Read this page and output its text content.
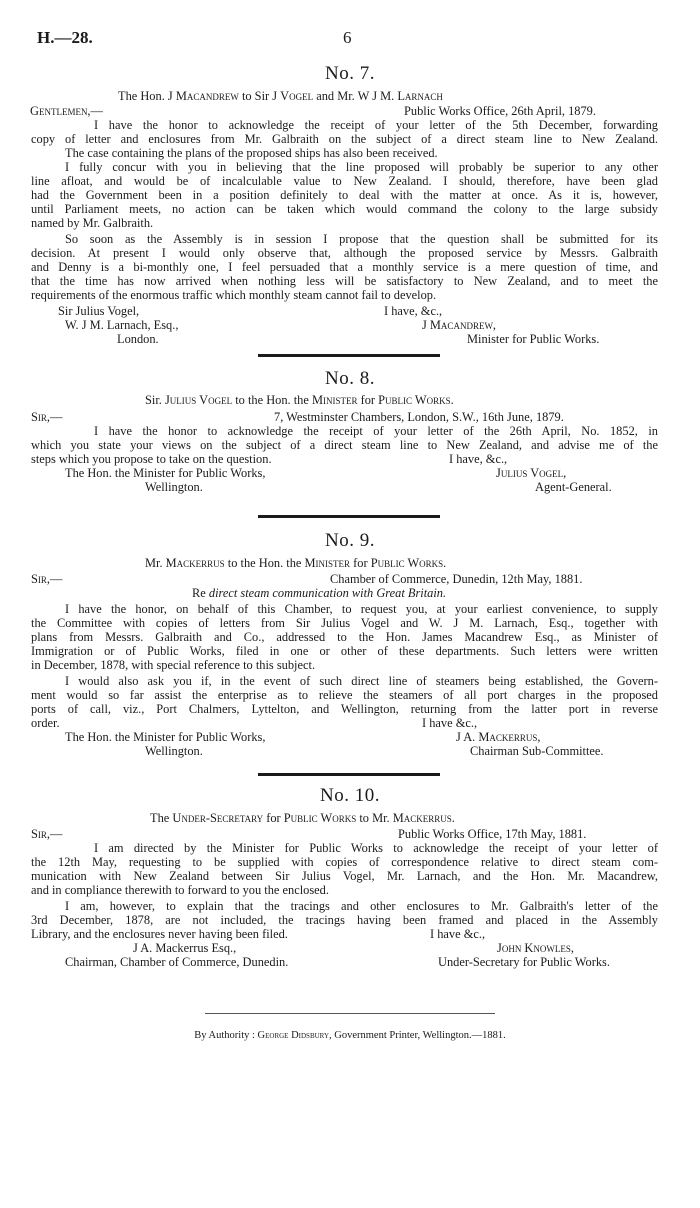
H.—28.	6
No. 7.
The Hon. J Macandrew to Sir J Vogel and Mr. W J M. Larnach
Gentlemen,—	Public Works Office, 26th April, 1879.
I have the honor to acknowledge the receipt of your letter of the 5th December, forwarding
copy of letter and enclosures from Mr. Galbraith on the subject of a direct steam line to New Zealand.
The case containing the plans of the proposed ships has also been received.
I fully concur with you in believing that the line proposed will probably be superior to any other
line afloat, and would be of incalculable value to New Zealand. I should, therefore, have been glad
had the Government been in a position definitely to deal with the matter at once. As it is, however,
until Parliament meets, no action can be taken which would command the colony to the large subsidy
named by Mr. Galbraith.
So soon as the Assembly is in session I propose that the question shall be submitted for its
decision. At present I would only observe that, although the proposed service by Messrs. Galbraith
and Denny is a bi-monthly one, I feel persuaded that a monthly service is a mere question of time, and
that the time has now arrived when nothing less will be satisfactory to New Zealand, and to meet the
requirements of the enormous traffic which monthly steam cannot fail to develop.
Sir Julius Vogel,	I have, &c.,
W. J M. Larnach, Esq.,	J Macandrew,
London.	Minister for Public Works.
No. 8.
Sir. Julius Vogel to the Hon. the Minister for Public Works.
Sir,—	7, Westminster Chambers, London, S.W., 16th June, 1879.
I have the honor to acknowledge the receipt of your letter of the 26th April, No. 1852, in
which you state your views on the subject of a direct steam line to New Zealand, and advise me of the
steps which you propose to take on the question.	I have, &c.,
The Hon. the Minister for Public Works,	Julius Vogel,
Wellington.	Agent-General.
No. 9.
Mr. Mackerrus to the Hon. the Minister for Public Works.
Sir,—	Chamber of Commerce, Dunedin, 12th May, 1881.
Re direct steam communication with Great Britain.
I have the honor, on behalf of this Chamber, to request you, at your earliest convenience, to supply
the Committee with copies of letters from Sir Julius Vogel and W. J M. Larnach, Esq., together with
plans from Messrs. Galbraith and Co., addressed to the Hon. James Macandrew Esq., as Minister of
Immigration or of Public Works, filed in one or other of these departments. Such letters were written
in December, 1878, with special reference to this subject.
I would also ask you if, in the event of such direct line of steamers being established, the Govern-
ment would so far assist the enterprise as to relieve the steamers of all port charges in the proposed
ports of call, viz., Port Chalmers, Lyttelton, and Wellington, returning from the latter port in reverse
order.	I have &c.,
The Hon. the Minister for Public Works,	J A. Mackerrus,
Wellington.	Chairman Sub-Committee.
No. 10.
The Under-Secretary for Public Works to Mr. Mackerrus.
Sir,—	Public Works Office, 17th May, 1881.
I am directed by the Minister for Public Works to acknowledge the receipt of your letter of
the 12th May, requesting to be supplied with copies of correspondence relative to direct steam com-
munication with New Zealand between Sir Julius Vogel, Mr. Larnach, and the Hon. Mr. Macandrew,
and in compliance therewith to forward to you the enclosed.
I am, however, to explain that the tracings and other enclosures to Mr. Galbraith's letter of the
3rd December, 1878, are not included, the tracings having been framed and placed in the Assembly
Library, and the enclosures never having been filed.	I have &c.,
J A. Mackerrus Esq.,	John Knowles,
Chairman, Chamber of Commerce, Dunedin.	Under-Secretary for Public Works.
By Authority : George Didsbury, Government Printer, Wellington.—1881.
